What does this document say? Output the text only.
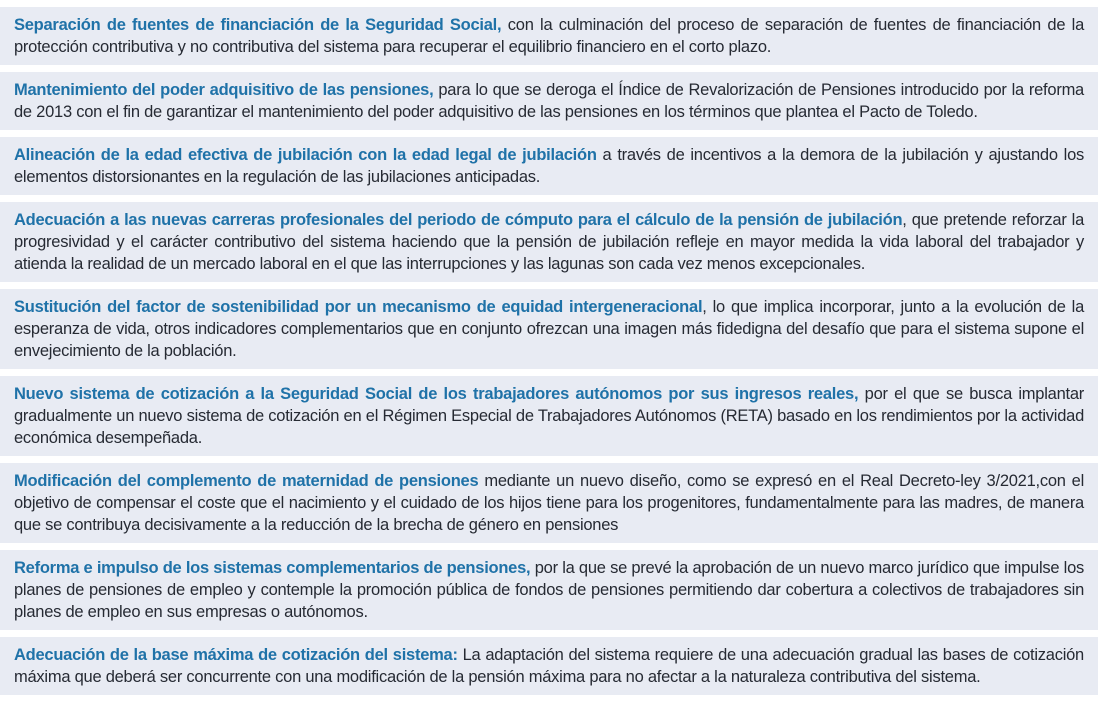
Separación de fuentes de financiación de la Seguridad Social, con la culminación del proceso de separación de fuentes de financiación de la protección contributiva y no contributiva del sistema para recuperar el equilibrio financiero en el corto plazo.
Mantenimiento del poder adquisitivo de las pensiones, para lo que se deroga el Índice de Revalorización de Pensiones introducido por la reforma de 2013 con el fin de garantizar el mantenimiento del poder adquisitivo de las pensiones en los términos que plantea el Pacto de Toledo.
Alineación de la edad efectiva de jubilación con la edad legal de jubilación a través de incentivos a la demora de la jubilación y ajustando los elementos distorsionantes en la regulación de las jubilaciones anticipadas.
Adecuación a las nuevas carreras profesionales del periodo de cómputo para el cálculo de la pensión de jubilación, que pretende reforzar la progresividad y el carácter contributivo del sistema haciendo que la pensión de jubilación refleje en mayor medida la vida laboral del trabajador y atienda la realidad de un mercado laboral en el que las interrupciones y las lagunas son cada vez menos excepcionales.
Sustitución del factor de sostenibilidad por un mecanismo de equidad intergeneracional, lo que implica incorporar, junto a la evolución de la esperanza de vida, otros indicadores complementarios que en conjunto ofrezcan una imagen más fidedigna del desafío que para el sistema supone el envejecimiento de la población.
Nuevo sistema de cotización a la Seguridad Social de los trabajadores autónomos por sus ingresos reales, por el que se busca implantar gradualmente un nuevo sistema de cotización en el Régimen Especial de Trabajadores Autónomos (RETA) basado en los rendimientos por la actividad económica desempeñada.
Modificación del complemento de maternidad de pensiones mediante un nuevo diseño, como se expresó en el Real Decreto-ley 3/2021,con el objetivo de compensar el coste que el nacimiento y el cuidado de los hijos tiene para los progenitores, fundamentalmente para las madres, de manera que se contribuya decisivamente a la reducción de la brecha de género en pensiones
Reforma e impulso de los sistemas complementarios de pensiones, por la que se prevé la aprobación de un nuevo marco jurídico que impulse los planes de pensiones de empleo y contemple la promoción pública de fondos de pensiones permitiendo dar cobertura a colectivos de trabajadores sin planes de empleo en sus empresas o autónomos.
Adecuación de la base máxima de cotización del sistema: La adaptación del sistema requiere de una adecuación gradual las bases de cotización máxima que deberá ser concurrente con una modificación de la pensión máxima para no afectar a la naturaleza contributiva del sistema.
